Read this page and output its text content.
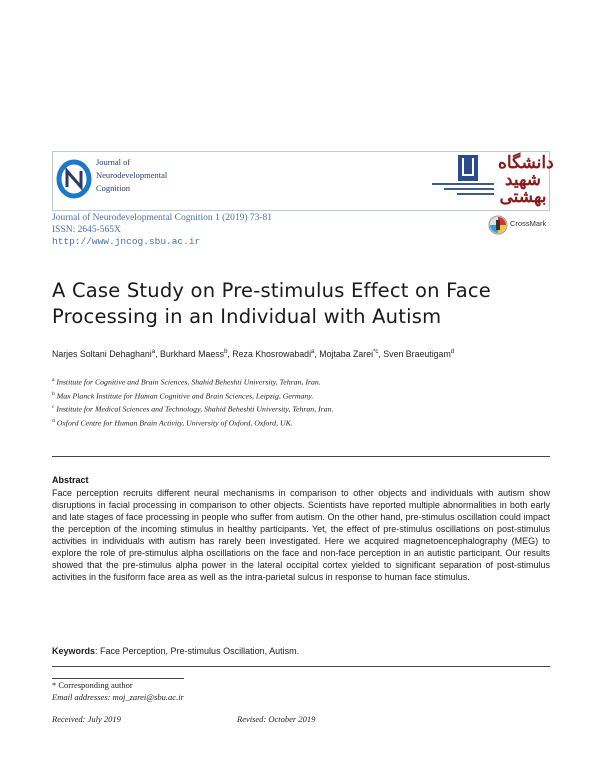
Journal of
Neurodevelopmental
Cognition
دانشگاه شهید بهشتی
Journal of Neurodevelopmental Cognition 1 (2019) 73-81
ISSN: 2645-565X
http://www.jncog.sbu.ac.ir
CrossMark
A Case Study on Pre-stimulus Effect on Face Processing in an Individual with Autism
Narjes Soltani Dehaghani$^a$, Burkhard Maess$^b$, Reza Khosrowabadi$^a$, Mojtaba Zarei$^{*c}$, Sven Braeutigam$^d$
$^a$ Institute for Cognitive and Brain Sciences, Shahid Beheshti University, Tehran, Iran.
$^b$ Max Planck Institute for Human Cognitive and Brain Sciences, Leipzig, Germany.
$^c$ Institute for Medical Sciences and Technology, Shahid Beheshti University, Tehran, Iran.
$^d$ Oxford Centre for Human Brain Activity, University of Oxford, Oxford, UK.
Abstract

Face perception recruits different neural mechanisms in comparison to other objects and individuals with autism show disruptions in facial processing in comparison to other objects. Scientists have reported multiple abnormalities in both early and late stages of face processing in people who suffer from autism. On the other hand, pre-stimulus oscillation could impact the perception of the incoming stimulus in healthy participants. Yet, the effect of pre-stimulus oscillations on post-stimulus activities in individuals with autism has rarely been investigated. Here we acquired magnetoencephalography (MEG) to explore the role of pre-stimulus alpha oscillations on the face and non-face perception in an autistic participant. Our results showed that the pre-stimulus alpha power in the lateral occipital cortex yielded to significant separation of post-stimulus activities in the fusiform face area as well as the intra-parietal sulcus in response to human face stimulus.

Keywords: Face Perception, Pre-stimulus Oscillation, Autism.
* Corresponding author
Email addresses: moj_zarei@sbu.ac.ir
Received: July 2019	Revised: October 2019
